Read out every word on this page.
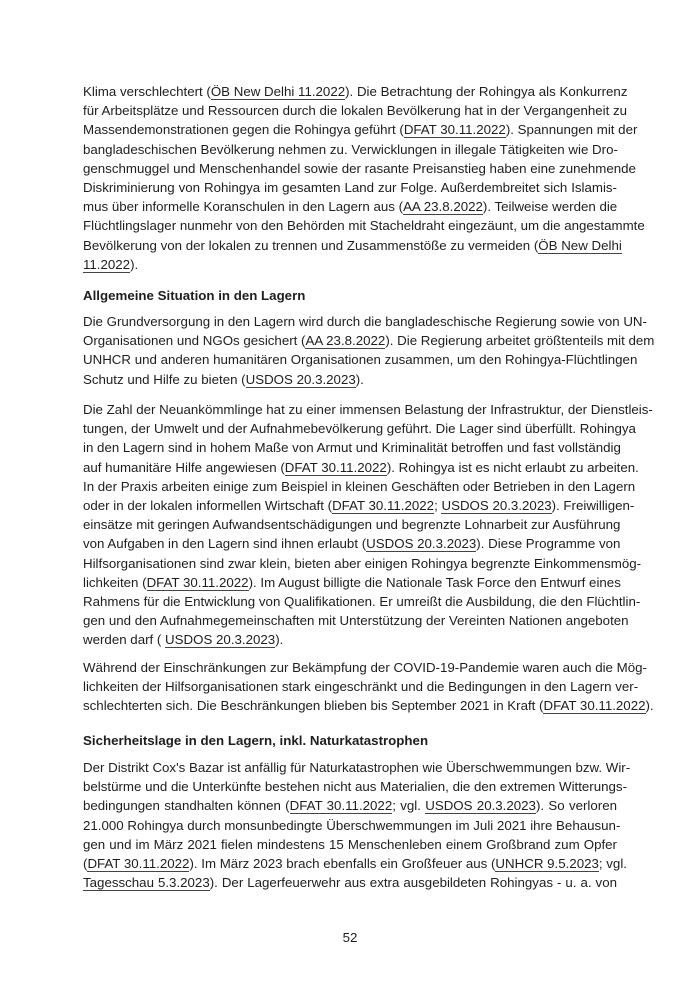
Klima verschlechtert (ÖB New Delhi 11.2022). Die Betrachtung der Rohingya als Konkurrenz
für Arbeitsplätze und Ressourcen durch die lokalen Bevölkerung hat in der Vergangenheit zu
Massendemonstrationen gegen die Rohingya geführt (DFAT 30.11.2022). Spannungen mit der
bangladeschischen Bevölkerung nehmen zu. Verwicklungen in illegale Tätigkeiten wie Dro-
genschmuggel und Menschenhandel sowie der rasante Preisanstieg haben eine zunehmende
Diskriminierung von Rohingya im gesamten Land zur Folge. Außerdembreitet sich Islamis-
mus über informelle Koranschulen in den Lagern aus (AA 23.8.2022). Teilweise werden die
Flüchtlingslager nunmehr von den Behörden mit Stacheldraht eingezäunt, um die angestammte
Bevölkerung von der lokalen zu trennen und Zusammenstöße zu vermeiden (ÖB New Delhi
11.2022).
Allgemeine Situation in den Lagern
Die Grundversorgung in den Lagern wird durch die bangladeschische Regierung sowie von UN-
Organisationen und NGOs gesichert (AA 23.8.2022). Die Regierung arbeitet größtenteils mit dem
UNHCR und anderen humanitären Organisationen zusammen, um den Rohingya-Flüchtlingen
Schutz und Hilfe zu bieten (USDOS 20.3.2023).
Die Zahl der Neuankömmlinge hat zu einer immensen Belastung der Infrastruktur, der Dienstleis-
tungen, der Umwelt und der Aufnahmebevölkerung geführt. Die Lager sind überfüllt. Rohingya
in den Lagern sind in hohem Maße von Armut und Kriminalität betroffen und fast vollständig
auf humanitäre Hilfe angewiesen (DFAT 30.11.2022). Rohingya ist es nicht erlaubt zu arbeiten.
In der Praxis arbeiten einige zum Beispiel in kleinen Geschäften oder Betrieben in den Lagern
oder in der lokalen informellen Wirtschaft (DFAT 30.11.2022; USDOS 20.3.2023). Freiwilligen-
einsätze mit geringen Aufwandsentschädigungen und begrenzte Lohnarbeit zur Ausführung
von Aufgaben in den Lagern sind ihnen erlaubt (USDOS 20.3.2023). Diese Programme von
Hilfsorganisationen sind zwar klein, bieten aber einigen Rohingya begrenzte Einkommensmög-
lichkeiten (DFAT 30.11.2022). Im August billigte die Nationale Task Force den Entwurf eines
Rahmens für die Entwicklung von Qualifikationen. Er umreißt die Ausbildung, die den Flüchtlin-
gen und den Aufnahmegemeinschaften mit Unterstützung der Vereinten Nationen angeboten
werden darf ( USDOS 20.3.2023).
Während der Einschränkungen zur Bekämpfung der COVID-19-Pandemie waren auch die Mög-
lichkeiten der Hilfsorganisationen stark eingeschränkt und die Bedingungen in den Lagern ver-
schlechterten sich. Die Beschränkungen blieben bis September 2021 in Kraft (DFAT 30.11.2022).
Sicherheitslage in den Lagern, inkl. Naturkatastrophen
Der Distrikt Cox's Bazar ist anfällig für Naturkatastrophen wie Überschwemmungen bzw. Wir-
belstürme und die Unterkünfte bestehen nicht aus Materialien, die den extremen Witterungs-
bedingungen standhalten können (DFAT 30.11.2022; vgl. USDOS 20.3.2023). So verloren
21.000 Rohingya durch monsunbedingte Überschwemmungen im Juli 2021 ihre Behausun-
gen und im März 2021 fielen mindestens 15 Menschenleben einem Großbrand zum Opfer
(DFAT 30.11.2022). Im März 2023 brach ebenfalls ein Großfeuer aus (UNHCR 9.5.2023; vgl.
Tagesschau 5.3.2023). Der Lagerfeuerwehr aus extra ausgebildeten Rohingyas - u. a. von
52
